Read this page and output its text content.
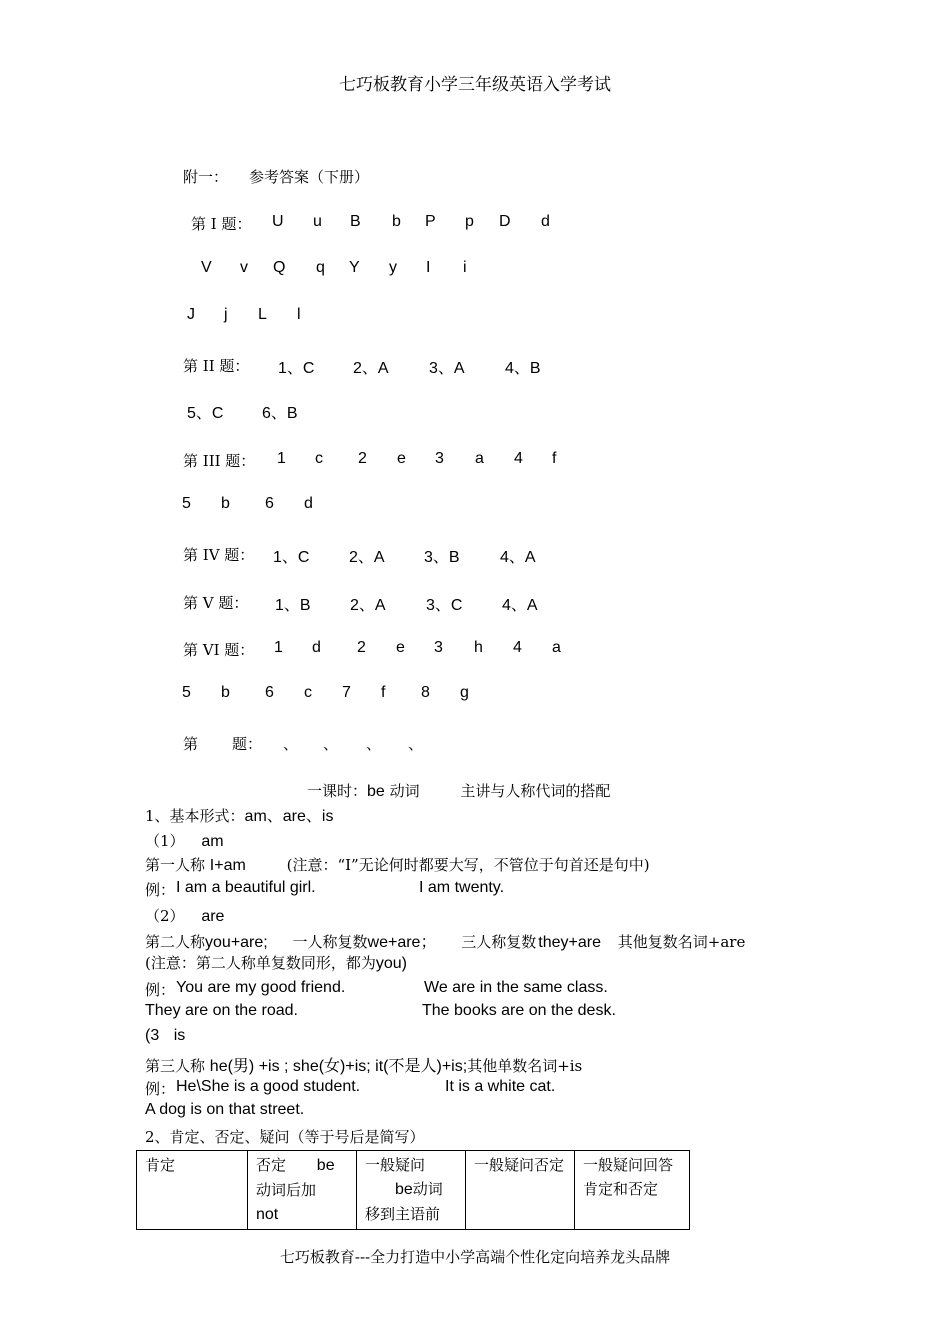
七巧板教育小学三年级英语入学考试
附一： 参考答案（下册）
第 I 题： U u B b P p D d
V v Q q Y y I i
J j L l
第 II 题： 1、C 2、A	3、A	4、B
5、C 6、B
第 III 题： 1 c 2 e 3 a 4 f
5 b 6 d
第 IV 题： 1、C 2、A 3、B	4、A
第 V 题： 1、B 2、A	3、C 4、A
第 VI 题： 1 d 2 e 3 h 4 a
5 b 6 c 7 f 8 g
第 题： 、 、 、 、
一课时：be 动词	主讲与人称代词的搭配
1、基本形式：am、are、is
（1） am
第一人称 I+am	(注意：“I”无论何时都要大写，不管位于句首还是句中)
例： I am a beautiful girl.	I am twenty.
（2） are
第二人称you+are; 一人称复数we+are； 三人称复数 they+are 其他复数名词+are
(注意：第二人称单复数同形，都为you)
例： You are my good friend.	We are in the same class.
They are on the road.	The books are on the desk.
(3 is
第三人称 he(男) +is ; she(女)+is; it(不是人)+is;其他单数名词+is
例： He\She is a good student.	It is a white cat.
A dog is on that street.
2、肯定、否定、疑问（等于号后是简写）
肯定	否定 be
动词后加
not	一般疑问
be动词
移到主语前	一般疑问否定	一般疑问回答 肯定和否定
七巧板教育---全力打造中小学高端个性化定向培养龙头品牌
